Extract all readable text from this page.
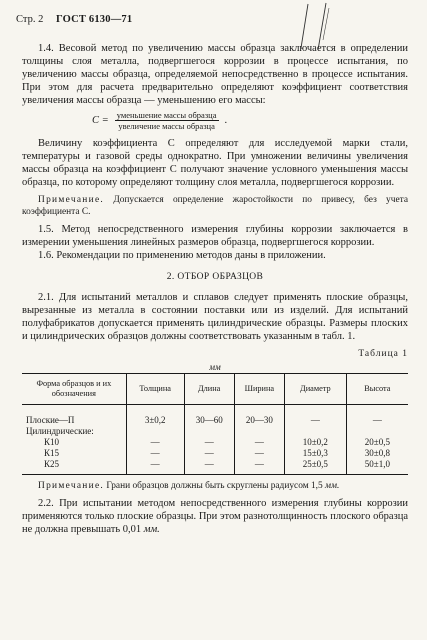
Стр. 2 ГОСТ 6130—71

1.4. Весовой метод по увеличению массы образца заключается в определении толщины слоя металла, подвергшегося коррозии в процессе испытания, по увеличению массы образца, определяемой непосредственно в процессе испытания. При этом для расчета предварительно определяют коэффициент соответствия увеличения массы образца — уменьшению его массы:

$C = \frac{\text{уменьшение массы образца}}{\text{увеличение массы образца}}$ .

Величину коэффициента C определяют для исследуемой марки стали, температуры и газовой среды однократно. При умножении величины увеличения массы образца на коэффициент C получают значение условного уменьшения массы образца, по которому определяют толщину слоя металла, подвергшегося коррозии.

Примечание. Допускается определение жаростойкости по привесу, без учета коэффициента C.

1.5. Метод непосредственного измерения глубины коррозии заключается в измерении уменьшения линейных размеров образца, подвергшегося коррозии.

1.6. Рекомендации по применению методов даны в приложении.

2. ОТБОР ОБРАЗЦОВ

2.1. Для испытаний металлов и сплавов следует применять плоские образцы, вырезанные из металла в состоянии поставки или из изделий. Для испытаний полуфабрикатов допускается применять цилиндрические образцы. Размеры плоских и цилиндрических образцов должны соответствовать указанным в табл. 1.

Таблица 1
мм
Форма образцов и их обозначения	Толщина	Длина	Ширина	Диаметр	Высота

Плоские—П	3±0,2	30—60	20—30	—	—
Цилиндрические:					
К10	—	—	—	10±0,2	20±0,5
К15	—	—	—	15±0,3	30±0,8
К25	—	—	—	25±0,5	50±1,0

Примечание. Грани образцов должны быть скруглены радиусом 1,5 мм.

2.2. При испытании методом непосредственного измерения глубины коррозии применяются только плоские образцы. При этом разнотолщинность плоского образца не должна превышать 0,01 мм.
